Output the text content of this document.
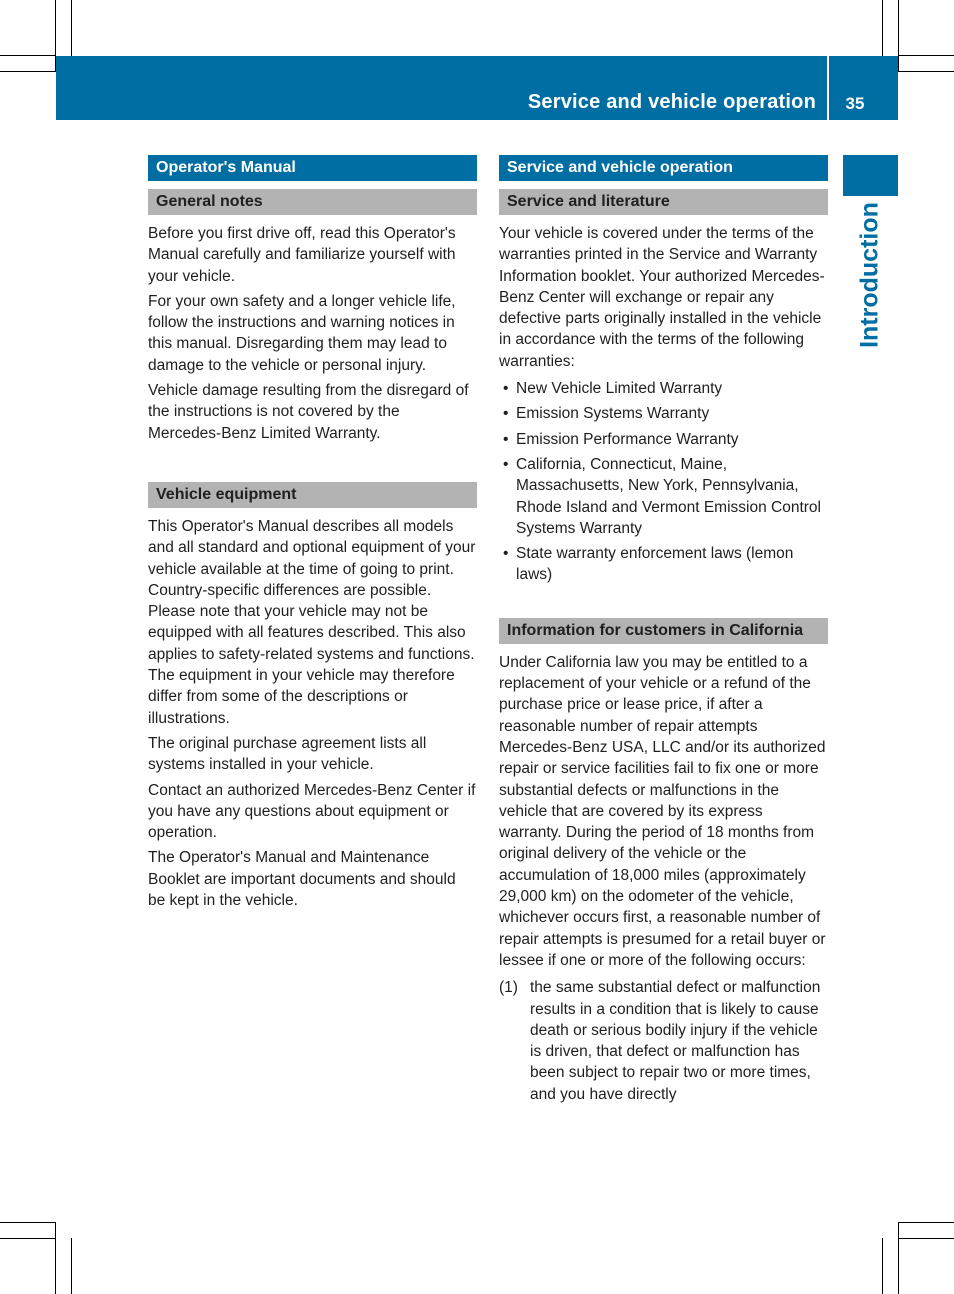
Service and vehicle operation	35
Introduction
Operator's Manual
General notes

Before you first drive off, read this Operator's Manual carefully and familiarize yourself with your vehicle.

For your own safety and a longer vehicle life, follow the instructions and warning notices in this manual. Disregarding them may lead to damage to the vehicle or personal injury.

Vehicle damage resulting from the disregard of the instructions is not covered by the Mercedes-Benz Limited Warranty.

Vehicle equipment

This Operator's Manual describes all models and all standard and optional equipment of your vehicle available at the time of going to print. Country-specific differences are possible. Please note that your vehicle may not be equipped with all features described. This also applies to safety-related systems and functions. The equipment in your vehicle may therefore differ from some of the descriptions or illustrations.

The original purchase agreement lists all systems installed in your vehicle.

Contact an authorized Mercedes-Benz Center if you have any questions about equipment or operation.

The Operator's Manual and Maintenance Booklet are important documents and should be kept in the vehicle.

Service and vehicle operation
Service and literature

Your vehicle is covered under the terms of the warranties printed in the Service and Warranty Information booklet. Your authorized Mercedes-Benz Center will exchange or repair any defective parts originally installed in the vehicle in accordance with the terms of the following warranties:

• New Vehicle Limited Warranty
• Emission Systems Warranty
• Emission Performance Warranty
• California, Connecticut, Maine, Massachusetts, New York, Pennsylvania, Rhode Island and Vermont Emission Control Systems Warranty
• State warranty enforcement laws (lemon laws)
Information for customers in California

Under California law you may be entitled to a replacement of your vehicle or a refund of the purchase price or lease price, if after a reasonable number of repair attempts Mercedes-Benz USA, LLC and/or its authorized repair or service facilities fail to fix one or more substantial defects or malfunctions in the vehicle that are covered by its express warranty. During the period of 18 months from original delivery of the vehicle or the accumulation of 18,000 miles (approximately 29,000 km) on the odometer of the vehicle, whichever occurs first, a reasonable number of repair attempts is presumed for a retail buyer or lessee if one or more of the following occurs:

(1) the same substantial defect or malfunction results in a condition that is likely to cause death or serious bodily injury if the vehicle is driven, that defect or malfunction has been subject to repair two or more times, and you have directly
